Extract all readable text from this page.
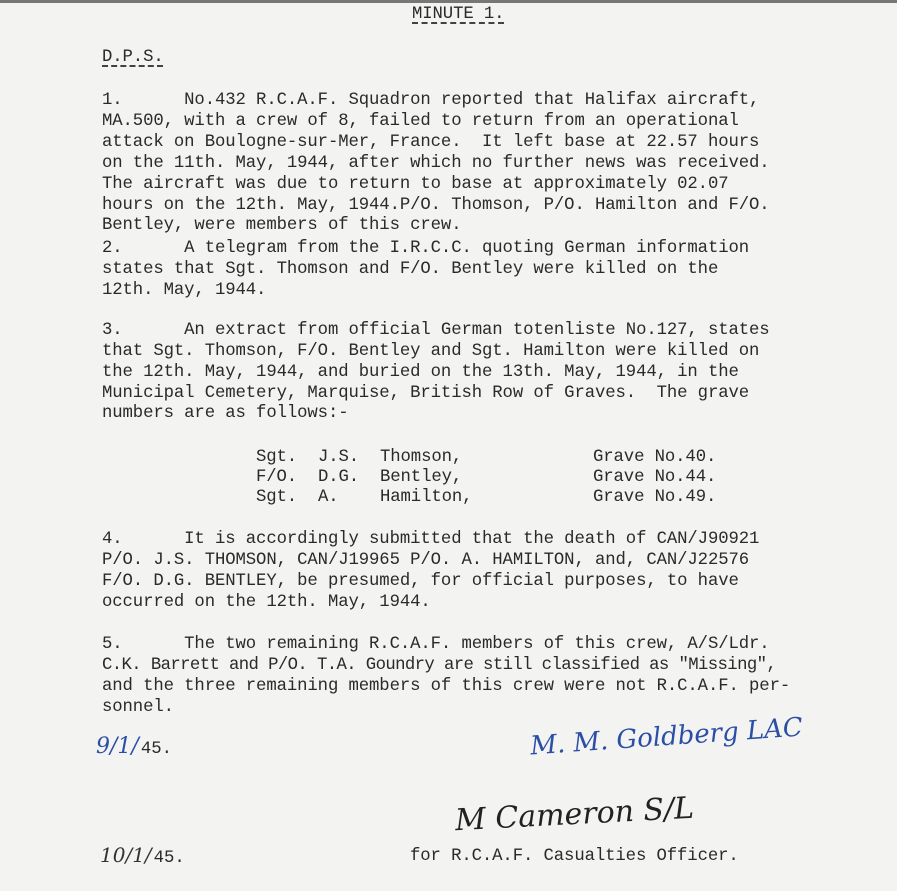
MINUTE 1.
D.P.S.
1.      No.432 R.C.A.F. Squadron reported that Halifax aircraft,
MA.500, with a crew of 8, failed to return from an operational
attack on Boulogne-sur-Mer, France.  It left base at 22.57 hours
on the 11th. May, 1944, after which no further news was received.
The aircraft was due to return to base at approximately 02.07
hours on the 12th. May, 1944.P/O. Thomson, P/O. Hamilton and F/O.
Bentley, were members of this crew.
2.      A telegram from the I.R.C.C. quoting German information
states that Sgt. Thomson and F/O. Bentley were killed on the
12th. May, 1944.
3.      An extract from official German totenliste No.127, states
that Sgt. Thomson, F/O. Bentley and Sgt. Hamilton were killed on
the 12th. May, 1944, and buried on the 13th. May, 1944, in the
Municipal Cemetery, Marquise, British Row of Graves.  The grave
numbers are as follows:-
Sgt. J.S. Thomson,	Grave No.40.
F/O. D.G. Bentley,	Grave No.44.
Sgt. A. Hamilton,	Grave No.49.
4.      It is accordingly submitted that the death of CAN/J90921
P/O. J.S. THOMSON, CAN/J19965 P/O. A. HAMILTON, and, CAN/J22576
F/O. D.G. BENTLEY, be presumed, for official purposes, to have
occurred on the 12th. May, 1944.
5.      The two remaining R.C.A.F. members of this crew, A/S/Ldr.
C.K. Barrett and P/O. T.A. Goundry are still classified as "Missing",
and the three remaining members of this crew were not R.C.A.F. per-
sonnel.
9/1/ 45.	M. M. Goldberg LAC
10/1/ 45.
M Cameron S/L
for R.C.A.F. Casualties Officer.
